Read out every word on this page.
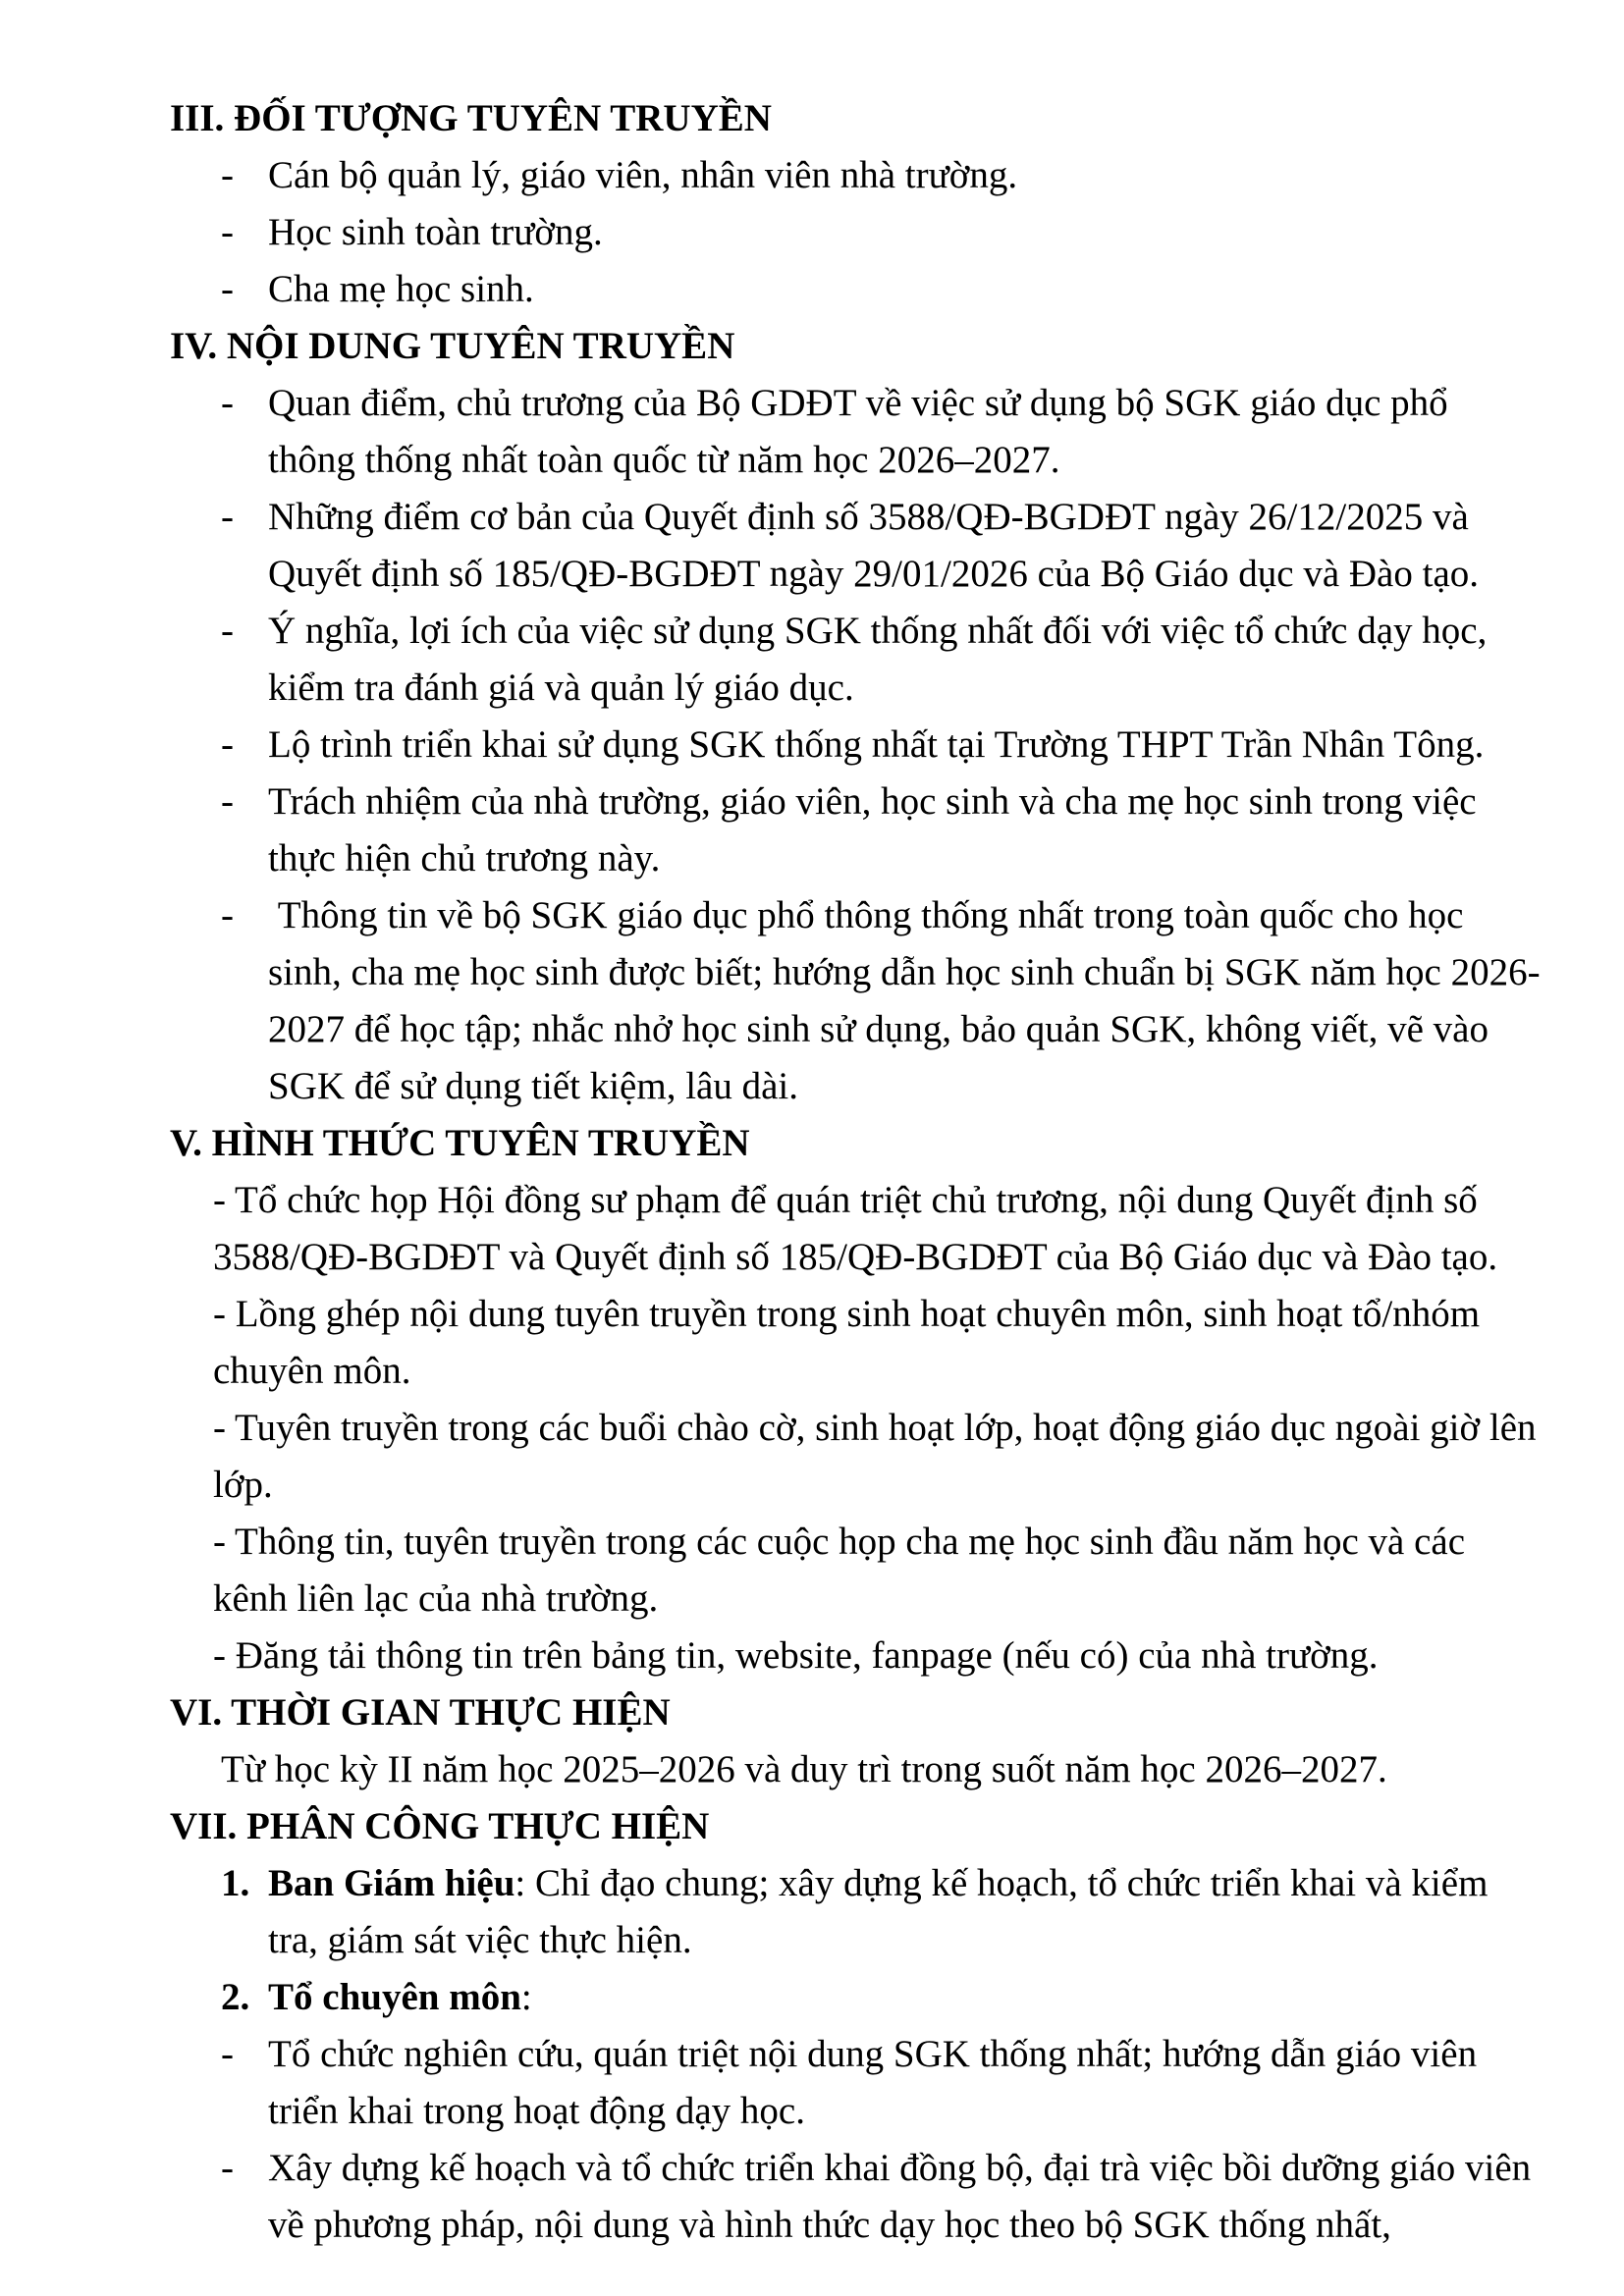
III. ĐỐI TƯỢNG TUYÊN TRUYỀN
- Cán bộ quản lý, giáo viên, nhân viên nhà trường.
- Học sinh toàn trường.
- Cha mẹ học sinh.
IV. NỘI DUNG TUYÊN TRUYỀN
- Quan điểm, chủ trương của Bộ GDĐT về việc sử dụng bộ SGK giáo dục phổ thông thống nhất toàn quốc từ năm học 2026–2027.
- Những điểm cơ bản của Quyết định số 3588/QĐ-BGDĐT ngày 26/12/2025 và Quyết định số 185/QĐ-BGDĐT ngày 29/01/2026 của Bộ Giáo dục và Đào tạo.
- Ý nghĩa, lợi ích của việc sử dụng SGK thống nhất đối với việc tổ chức dạy học, kiểm tra đánh giá và quản lý giáo dục.
- Lộ trình triển khai sử dụng SGK thống nhất tại Trường THPT Trần Nhân Tông.
- Trách nhiệm của nhà trường, giáo viên, học sinh và cha mẹ học sinh trong việc thực hiện chủ trương này.
- Thông tin về bộ SGK giáo dục phổ thông thống nhất trong toàn quốc cho học sinh, cha mẹ học sinh được biết; hướng dẫn học sinh chuẩn bị SGK năm học 2026-2027 để học tập; nhắc nhở học sinh sử dụng, bảo quản SGK, không viết, vẽ vào SGK để sử dụng tiết kiệm, lâu dài.
V. HÌNH THỨC TUYÊN TRUYỀN
- Tổ chức họp Hội đồng sư phạm để quán triệt chủ trương, nội dung Quyết định số 3588/QĐ-BGDĐT và Quyết định số 185/QĐ-BGDĐT của Bộ Giáo dục và Đào tạo.
- Lồng ghép nội dung tuyên truyền trong sinh hoạt chuyên môn, sinh hoạt tổ/nhóm chuyên môn.
- Tuyên truyền trong các buổi chào cờ, sinh hoạt lớp, hoạt động giáo dục ngoài giờ lên lớp.
- Thông tin, tuyên truyền trong các cuộc họp cha mẹ học sinh đầu năm học và các kênh liên lạc của nhà trường.
- Đăng tải thông tin trên bảng tin, website, fanpage (nếu có) của nhà trường.
VI. THỜI GIAN THỰC HIỆN
Từ học kỳ II năm học 2025–2026 và duy trì trong suốt năm học 2026–2027.
VII. PHÂN CÔNG THỰC HIỆN
1. Ban Giám hiệu: Chỉ đạo chung; xây dựng kế hoạch, tổ chức triển khai và kiểm tra, giám sát việc thực hiện.
2. Tổ chuyên môn:
- Tổ chức nghiên cứu, quán triệt nội dung SGK thống nhất; hướng dẫn giáo viên triển khai trong hoạt động dạy học.
- Xây dựng kế hoạch và tổ chức triển khai đồng bộ, đại trà việc bồi dưỡng giáo viên về phương pháp, nội dung và hình thức dạy học theo bộ SGK thống nhất,
